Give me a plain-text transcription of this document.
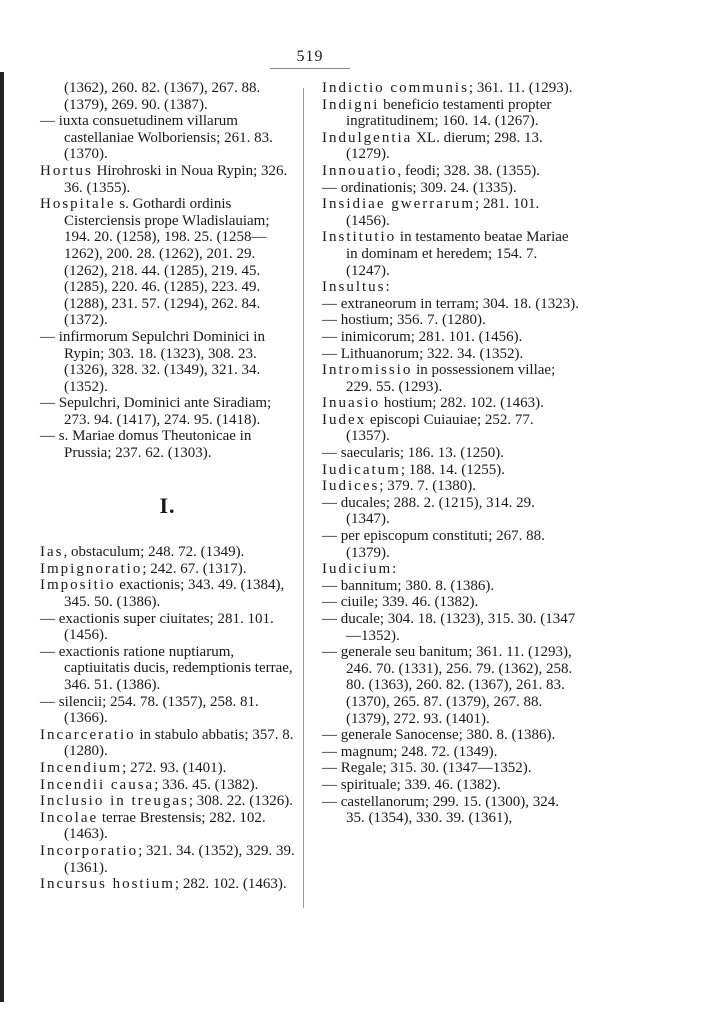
519
(1362), 260. 82. (1367), 267. 88.
(1379), 269. 90. (1387).
— iuxta consuetudinem villarum castellaniae Wolboriensis; 261. 83. (1370).
Hortus Hirohroski in Noua Rypin; 326. 36. (1355).
Hospitale s. Gothardi ordinis Cisterciensis prope Wladislauiam; 194. 20. (1258), 198. 25. (1258—1262), 200. 28. (1262), 201. 29. (1262), 218. 44. (1285), 219. 45. (1285), 220. 46. (1285), 223. 49. (1288), 231. 57. (1294), 262. 84. (1372).
— infirmorum Sepulchri Dominici in Rypin; 303. 18. (1323), 308. 23. (1326), 328. 32. (1349), 321. 34. (1352).
— Sepulchri, Dominici ante Siradiam; 273. 94. (1417), 274. 95. (1418).
— s. Mariae domus Theutonicae in Prussia; 237. 62. (1303).
I.
Ias, obstaculum; 248. 72. (1349).
Impignoratio; 242. 67. (1317).
Impositio exactionis; 343. 49. (1384), 345. 50. (1386).
— exactionis super ciuitates; 281. 101. (1456).
— exactionis ratione nuptiarum, captiuitatis ducis, redemptionis terrae, 346. 51. (1386).
— silencii; 254. 78. (1357), 258. 81. (1366).
Incarceratio in stabulo abbatis; 357. 8. (1280).
Incendium; 272. 93. (1401).
Incendii causa; 336. 45. (1382).
Inclusio in treugas; 308. 22. (1326).
Incolae terrae Brestensis; 282. 102. (1463).
Incorporatio; 321. 34. (1352), 329. 39. (1361).
Incursus hostium; 282. 102. (1463).
Indictio communis; 361. 11. (1293).
Indigni beneficio testamenti propter ingratitudinem; 160. 14. (1267).
Indulgentia XL. dierum; 298. 13. (1279).
Innouatio, feodi; 328. 38. (1355).
— ordinationis; 309. 24. (1335).
Insidiae gwerrarum; 281. 101. (1456).
Institutio in testamento beatae Mariae in dominam et heredem; 154. 7. (1247).
Insultus:
— extraneorum in terram; 304. 18. (1323).
— hostium; 356. 7. (1280).
— inimicorum; 281. 101. (1456).
— Lithuanorum; 322. 34. (1352).
Intromissio in possessionem villae; 229. 55. (1293).
Inuasio hostium; 282. 102. (1463).
Iudex episcopi Cuiauiae; 252. 77. (1357).
— saecularis; 186. 13. (1250).
Iudicatum; 188. 14. (1255).
Iudices; 379. 7. (1380).
— ducales; 288. 2. (1215), 314. 29. (1347).
— per episcopum constituti; 267. 88. (1379).
Iudicium:
— bannitum; 380. 8. (1386).
— ciuile; 339. 46. (1382).
— ducale; 304. 18. (1323), 315. 30. (1347—1352).
— generale seu banitum; 361. 11. (1293), 246. 70. (1331), 256. 79. (1362), 258. 80. (1363), 260. 82. (1367), 261. 83. (1370), 265. 87. (1379), 267. 88. (1379), 272. 93. (1401).
— generale Sanocense; 380. 8. (1386).
— magnum; 248. 72. (1349).
— Regale; 315. 30. (1347—1352).
— spirituale; 339. 46. (1382).
— castellanorum; 299. 15. (1300), 324. 35. (1354), 330. 39. (1361),
